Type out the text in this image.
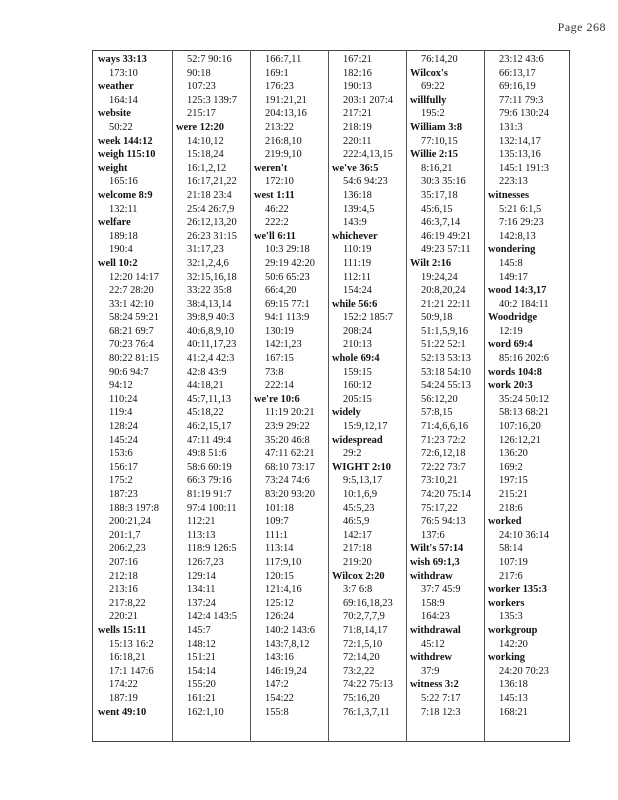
Page 268
ways 33:13
173:10
weather
164:14
website
50:22
week 144:12
weigh 115:10
weight
165:16
welcome 8:9
132:11
welfare
189:18
190:4
well 10:2
12:20 14:17
22:7 28:20
33:1 42:10
58:24 59:21
68:21 69:7
70:23 76:4
80:22 81:15
90:6 94:7
94:12
110:24
119:4
128:24
145:24
153:6
156:17
175:2
187:23
188:3 197:8
200:21,24
201:1,7
206:2,23
207:16
212:18
213:16
217:8,22
220:21
wells 15:11
15:13 16:2
16:18,21
17:1 147:6
174:22
187:19
went 49:10
52:7 90:16
90:18
107:23
125:3 139:7
215:17
were 12:20
14:10,12
15:18,24
16:1,2,12
16:17,21,22
21:18 23:4
25:4 26:7,9
26:12,13,20
26:23 31:15
31:17,23
32:1,2,4,6
32:15,16,18
33:22 35:8
38:4,13,14
39:8,9 40:3
40:6,8,9,10
40:11,17,23
41:2,4 42:3
42:8 43:9
44:18,21
45:7,11,13
45:18,22
46:2,15,17
47:11 49:4
49:8 51:6
58:6 60:19
66:3 79:16
81:19 91:7
97:4 100:11
112:21
113:13
118:9 126:5
126:7,23
129:14
134:11
137:24
142:4 143:5
145:7
148:12
151:21
154:14
155:20
161:21
162:1,10
166:7,11
169:1
176:23
191:21,21
204:13,16
213:22
216:8,10
219:9,10
weren't
172:10
west 1:11
46:22
222:2
we'll 6:11
10:3 29:18
29:19 42:20
50:6 65:23
66:4,20
69:15 77:1
94:1 113:9
130:19
142:1,23
167:15
73:8
222:14
we're 10:6
11:19 20:21
23:9 29:22
35:20 46:8
47:11 62:21
68:10 73:17
73:24 74:6
83:20 93:20
101:18
109:7
111:1
113:14
117:9,10
120:15
121:4,16
125:12
126:24
140:2 143:6
143:7,8,12
143:16
146:19,24
147:2
154:22
155:8
167:21
182:16
190:13
203:1 207:4
217:21
218:19
220:11
222:4,13,15
we've 36:5
54:6 94:23
136:18
139:4,5
143:9
whichever
110:19
111:19
112:11
154:24
while 56:6
152:2 185:7
208:24
210:13
whole 69:4
159:15
160:12
205:15
widely
15:9,12,17
widespread
29:2
WIGHT 2:10
9:5,13,17
10:1,6,9
45:5,23
46:5,9
142:17
217:18
219:20
Wilcox 2:20
3:7 6:8
69:16,18,23
70:2,7,7,9
71:8,14,17
72:1,5,10
72:14,20
73:2,22
74:22 75:13
75:16,20
76:1,3,7,11
76:14,20
Wilcox's
69:22
willfully
195:2
William 3:8
77:10,15
Willie 2:15
8:16,21
30:3 35:16
35:17,18
45:6,15
46:3,7,14
46:19 49:21
49:23 57:11
Wilt 2:16
19:24,24
20:8,20,24
21:21 22:11
50:9,18
51:1,5,9,16
51:22 52:1
52:13 53:13
53:18 54:10
54:24 55:13
56:12,20
57:8,15
71:4,6,6,16
71:23 72:2
72:6,12,18
72:22 73:7
73:10,21
74:20 75:14
75:17,22
76:5 94:13
137:6
Wilt's 57:14
wish 69:1,3
withdraw
37:7 45:9
158:9
164:23
withdrawal
45:12
withdrew
37:9
witness 3:2
5:22 7:17
7:18 12:3
23:12 43:6
66:13,17
69:16,19
77:11 79:3
79:6 130:24
131:3
132:14,17
135:13,16
145:1 191:3
223:13
witnesses
5:21 6:1,5
7:16 29:23
142:8,13
wondering
145:8
149:17
wood 14:3,17
40:2 184:11
Woodridge
12:19
word 69:4
85:16 202:6
words 104:8
work 20:3
35:24 50:12
58:13 68:21
107:16,20
126:12,21
136:20
169:2
197:15
215:21
218:6
worked
24:10 36:14
58:14
107:19
217:6
worker 135:3
workers
135:3
workgroup
142:20
working
24:20 70:23
136:18
145:13
168:21
